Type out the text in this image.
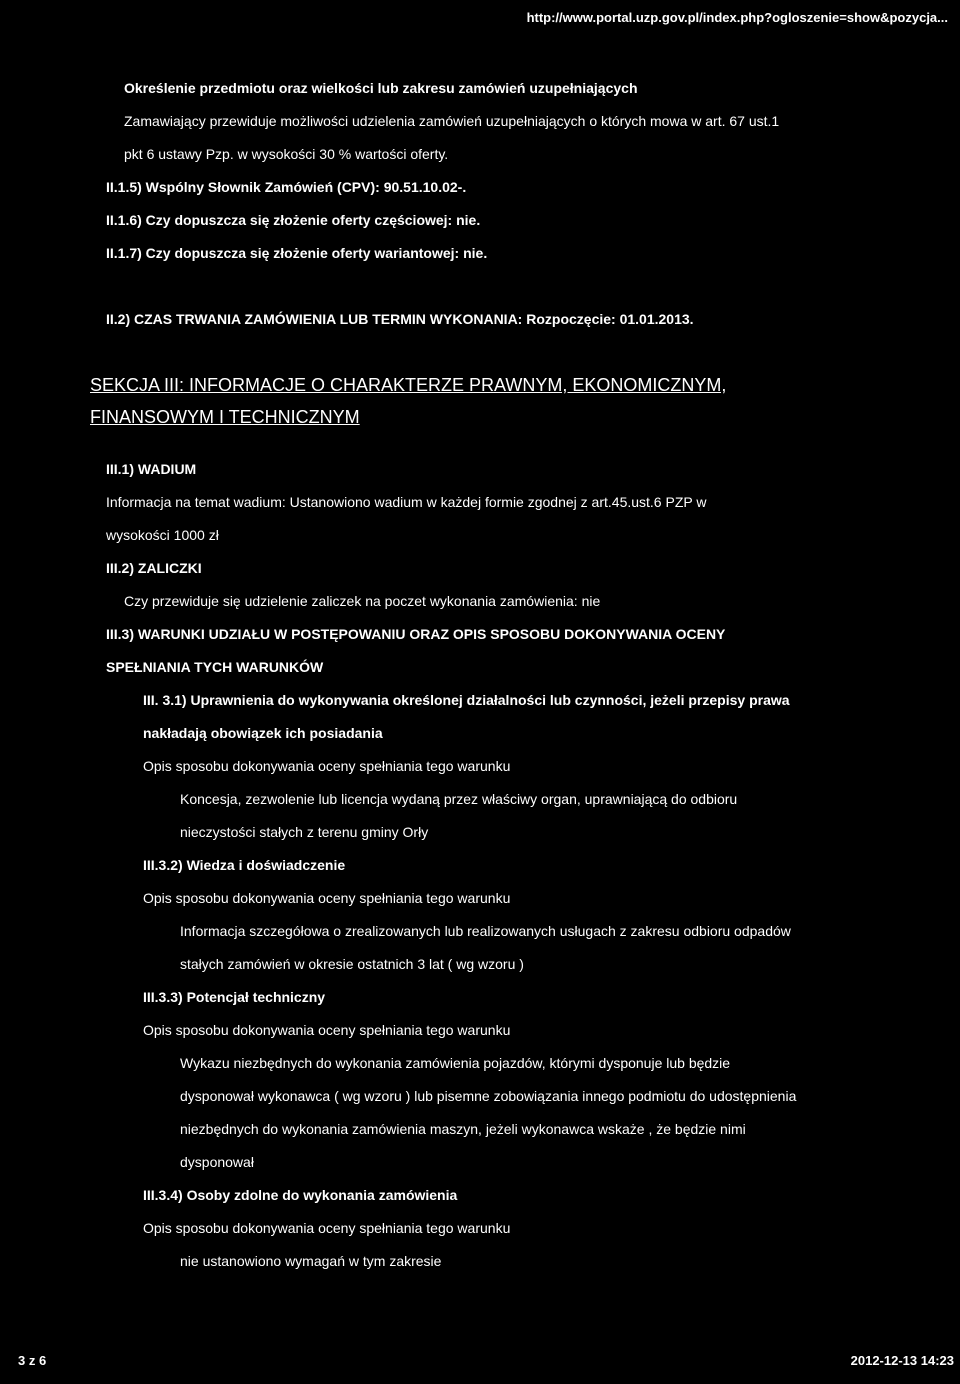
http://www.portal.uzp.gov.pl/index.php?ogloszenie=show&pozycja...
Określenie przedmiotu oraz wielkości lub zakresu zamówień uzupełniających
Zamawiający przewiduje możliwości udzielenia zamówień uzupełniających o których mowa w art. 67 ust.1
pkt 6 ustawy Pzp. w wysokości 30 % wartości oferty.
II.1.5) Wspólny Słownik Zamówień (CPV): 90.51.10.02-.
II.1.6) Czy dopuszcza się złożenie oferty częściowej: nie.
II.1.7) Czy dopuszcza się złożenie oferty wariantowej: nie.
II.2) CZAS TRWANIA ZAMÓWIENIA LUB TERMIN WYKONANIA: Rozpoczęcie: 01.01.2013.
SEKCJA III: INFORMACJE O CHARAKTERZE PRAWNYM, EKONOMICZNYM,
FINANSOWYM I TECHNICZNYM
III.1) WADIUM
Informacja na temat wadium: Ustanowiono wadium w każdej formie zgodnej z art.45.ust.6 PZP w
wysokości 1000 zł
III.2) ZALICZKI
Czy przewiduje się udzielenie zaliczek na poczet wykonania zamówienia: nie
III.3) WARUNKI UDZIAŁU W POSTĘPOWANIU ORAZ OPIS SPOSOBU DOKONYWANIA OCENY
SPEŁNIANIA TYCH WARUNKÓW
III. 3.1) Uprawnienia do wykonywania określonej działalności lub czynności, jeżeli przepisy prawa
nakładają obowiązek ich posiadania
Opis sposobu dokonywania oceny spełniania tego warunku
Koncesja, zezwolenie lub licencja wydaną przez właściwy organ, uprawniającą do odbioru
nieczystości stałych z terenu gminy Orły
III.3.2) Wiedza i doświadczenie
Opis sposobu dokonywania oceny spełniania tego warunku
Informacja szczegółowa o zrealizowanych lub realizowanych usługach z zakresu odbioru odpadów
stałych zamówień w okresie ostatnich 3 lat ( wg wzoru )
III.3.3) Potencjał techniczny
Opis sposobu dokonywania oceny spełniania tego warunku
Wykazu niezbędnych do wykonania zamówienia pojazdów, którymi dysponuje lub będzie
dysponował wykonawca ( wg wzoru ) lub pisemne zobowiązania innego podmiotu do udostępnienia
niezbędnych do wykonania zamówienia maszyn, jeżeli wykonawca wskaże , że będzie nimi
dysponował
III.3.4) Osoby zdolne do wykonania zamówienia
Opis sposobu dokonywania oceny spełniania tego warunku
nie ustanowiono wymagań w tym zakresie
3 z 6	2012-12-13 14:23
